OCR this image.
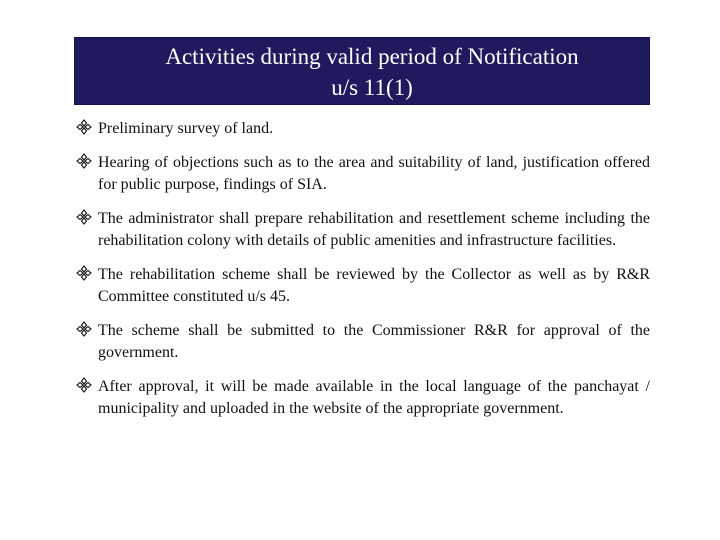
Activities during valid period of Notification
u/s 11(1)
Preliminary survey of land.
Hearing of objections such as to the area and suitability of land, justification offered for public purpose, findings of SIA.
The administrator shall prepare rehabilitation and resettlement scheme including the rehabilitation colony with details of public amenities and infrastructure facilities.
The rehabilitation scheme shall be reviewed by the Collector as well as by R&R Committee constituted u/s 45.
The scheme shall be submitted to the Commissioner R&R for approval of the government.
After approval, it will be made available in the local language of the panchayat / municipality and uploaded in the website of the appropriate government.
